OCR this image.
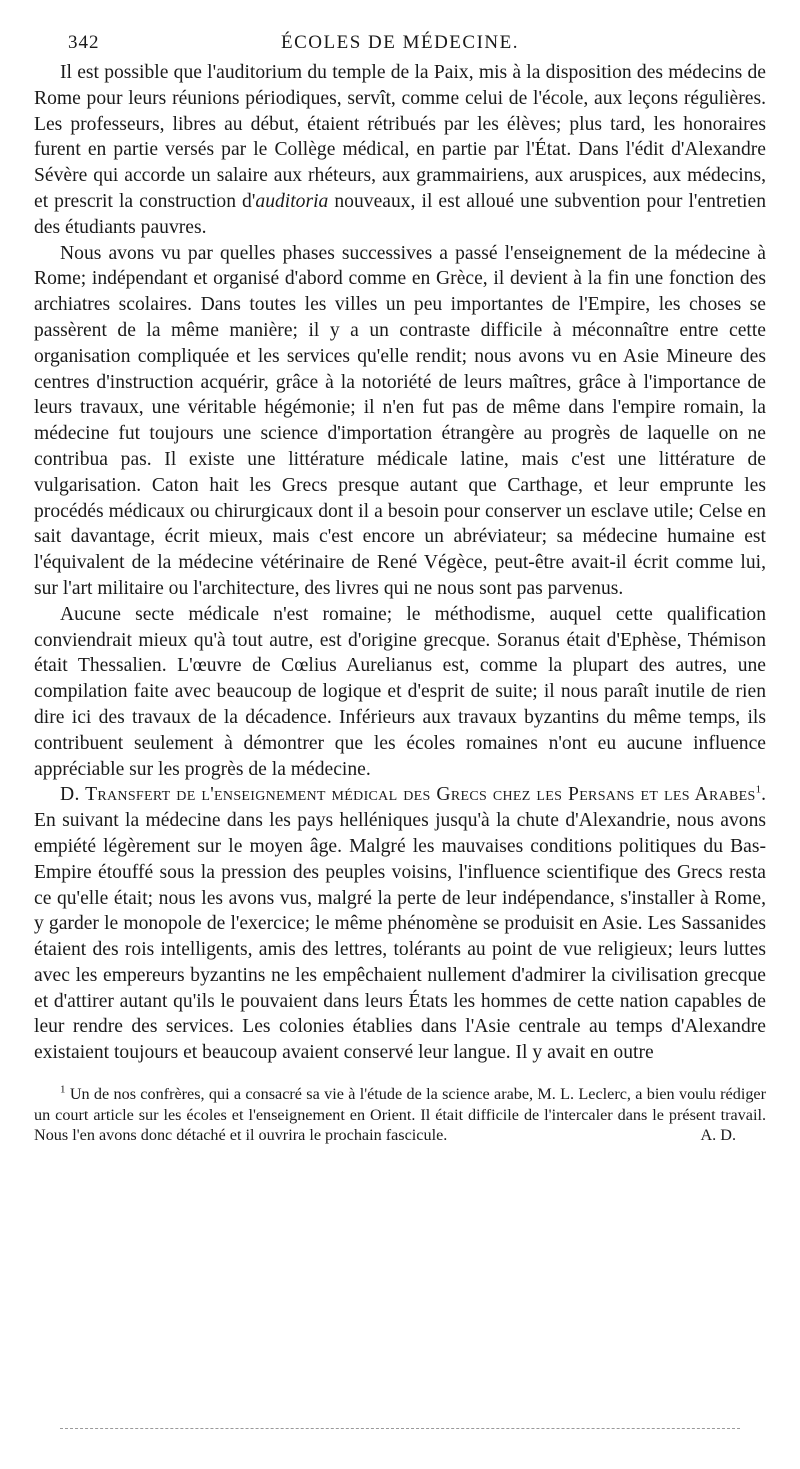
342	ÉCOLES DE MÉDECINE.

Il est possible que l'auditorium du temple de la Paix, mis à la disposition des médecins de Rome pour leurs réunions périodiques, servît, comme celui de l'école, aux leçons régulières. Les professeurs, libres au début, étaient rétribués par les élèves; plus tard, les honoraires furent en partie versés par le Collège médical, en partie par l'État. Dans l'édit d'Alexandre Sévère qui accorde un salaire aux rhéteurs, aux grammairiens, aux aruspices, aux médecins, et prescrit la construction d'auditoria nouveaux, il est alloué une subvention pour l'entretien des étudiants pauvres.

Nous avons vu par quelles phases successives a passé l'enseignement de la médecine à Rome; indépendant et organisé d'abord comme en Grèce, il devient à la fin une fonction des archiatres scolaires. Dans toutes les villes un peu importantes de l'Empire, les choses se passèrent de la même manière; il y a un contraste difficile à méconnaître entre cette organisation compliquée et les services qu'elle rendit; nous avons vu en Asie Mineure des centres d'instruction acquérir, grâce à la notoriété de leurs maîtres, grâce à l'importance de leurs travaux, une véritable hégémonie; il n'en fut pas de même dans l'empire romain, la médecine fut toujours une science d'importation étrangère au progrès de laquelle on ne contribua pas. Il existe une littérature médicale latine, mais c'est une littérature de vulgarisation. Caton hait les Grecs presque autant que Carthage, et leur emprunte les procédés médicaux ou chirurgicaux dont il a besoin pour conserver un esclave utile; Celse en sait davantage, écrit mieux, mais c'est encore un abréviateur; sa médecine humaine est l'équivalent de la médecine vétérinaire de René Végèce, peut-être avait-il écrit comme lui, sur l'art militaire ou l'architecture, des livres qui ne nous sont pas parvenus.

Aucune secte médicale n'est romaine; le méthodisme, auquel cette qualification conviendrait mieux qu'à tout autre, est d'origine grecque. Soranus était d'Ephèse, Thémison était Thessalien. L'œuvre de Cœlius Aurelianus est, comme la plupart des autres, une compilation faite avec beaucoup de logique et d'esprit de suite; il nous paraît inutile de rien dire ici des travaux de la décadence. Inférieurs aux travaux byzantins du même temps, ils contribuent seulement à démontrer que les écoles romaines n'ont eu aucune influence appréciable sur les progrès de la médecine.

D. Transfert de l'enseignement médical des Grecs chez les Persans et les Arabes$^1$. En suivant la médecine dans les pays helléniques jusqu'à la chute d'Alexandrie, nous avons empiété légèrement sur le moyen âge. Malgré les mauvaises conditions politiques du Bas-Empire étouffé sous la pression des peuples voisins, l'influence scientifique des Grecs resta ce qu'elle était; nous les avons vus, malgré la perte de leur indépendance, s'installer à Rome, y garder le monopole de l'exercice; le même phénomène se produisit en Asie. Les Sassanides étaient des rois intelligents, amis des lettres, tolérants au point de vue religieux; leurs luttes avec les empereurs byzantins ne les empêchaient nullement d'admirer la civilisation grecque et d'attirer autant qu'ils le pouvaient dans leurs États les hommes de cette nation capables de leur rendre des services. Les colonies établies dans l'Asie centrale au temps d'Alexandre existaient toujours et beaucoup avaient conservé leur langue. Il y avait en outre

$^1$ Un de nos confrères, qui a consacré sa vie à l'étude de la science arabe, M. L. Leclerc, a bien voulu rédiger un court article sur les écoles et l'enseignement en Orient. Il était difficile de l'intercaler dans le présent travail. Nous l'en avons donc détaché et il ouvrira le prochain fascicule.	A. D.
